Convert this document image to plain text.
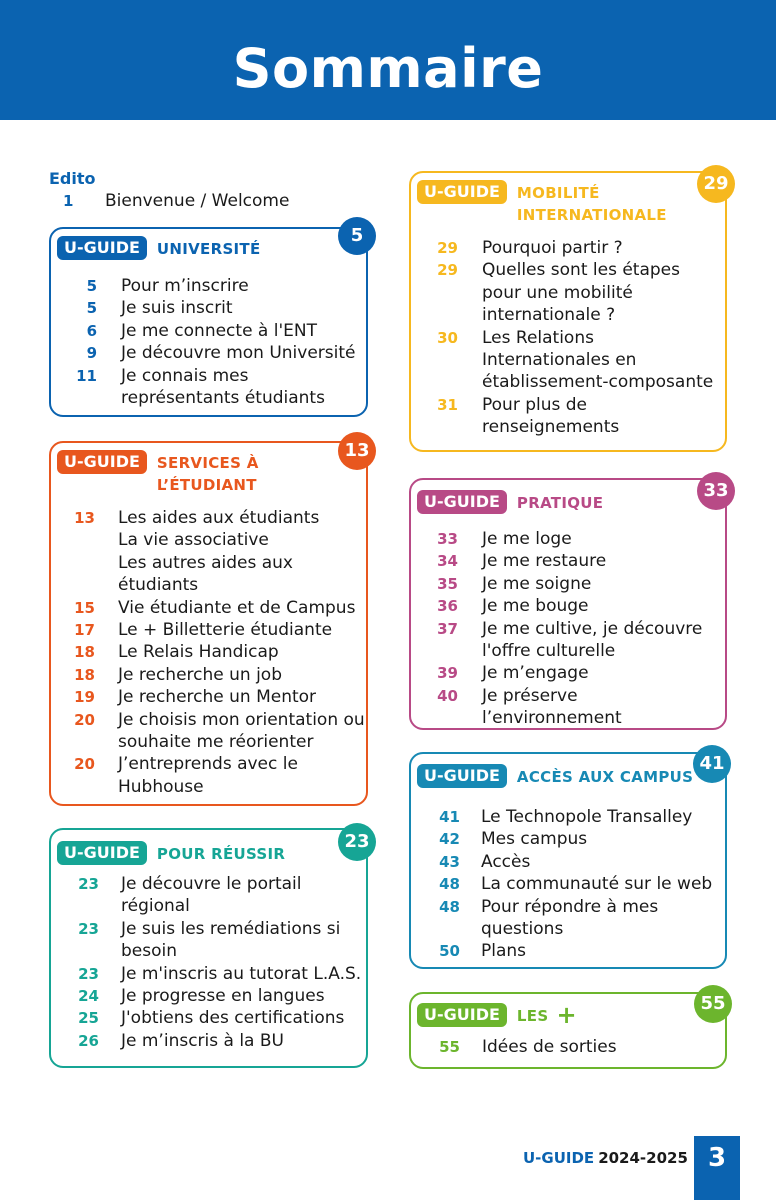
Sommaire
Edito
1 Bienvenue / Welcome
U-GUIDE	UNIVERSITÉ
5 Pour m’inscrire
5 Je suis inscrit
6 Je me connecte à l'ENT
9 Je découvre mon Université
11 Je connais mes
représentants étudiants
5
U-GUIDE	SERVICES À
L’ÉTUDIANT
13 Les aides aux étudiants
La vie associative
Les autres aides aux
étudiants
15 Vie étudiante et de Campus
17 Le + Billetterie étudiante
18 Le Relais Handicap
18 Je recherche un job
19 Je recherche un Mentor
20 Je choisis mon orientation ou
souhaite me réorienter
20 J’entreprends avec le
Hubhouse
13
U-GUIDE	POUR RÉUSSIR
23 Je découvre le portail
régional
23 Je suis les remédiations si
besoin
23 Je m'inscris au tutorat L.A.S.
24 Je progresse en langues
25 J'obtiens des certifications
26 Je m’inscris à la BU
23
U-GUIDE	MOBILITÉ
INTERNATIONALE
29 Pourquoi partir ?
29 Quelles sont les étapes
pour une mobilité
internationale ?
30 Les Relations
Internationales en
établissement-composante
31 Pour plus de
renseignements
29
U-GUIDE	PRATIQUE
33 Je me loge
34 Je me restaure
35 Je me soigne
36 Je me bouge
37 Je me cultive, je découvre
l'offre culturelle
39 Je m’engage
40 Je préserve
l’environnement
33
U-GUIDE	ACCÈS AUX CAMPUS
41 Le Technopole Transalley
42 Mes campus
43 Accès
48 La communauté sur le web
48 Pour répondre à mes
questions
50 Plans
41
U-GUIDE	LES +
55 Idées de sorties
55
U-GUIDE 2024-2025 3
